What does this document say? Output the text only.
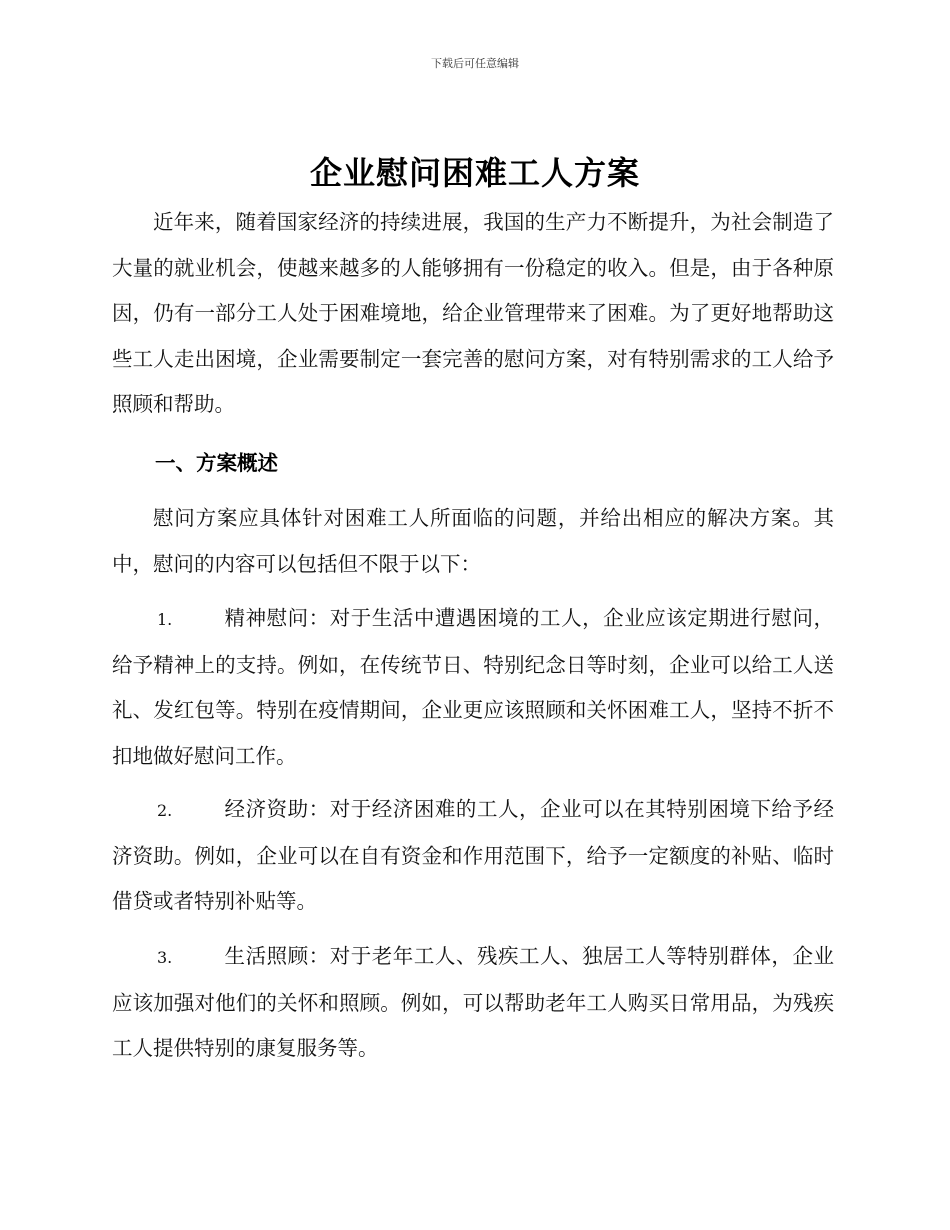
下载后可任意编辑
企业慰问困难工人方案

近年来，随着国家经济的持续进展，我国的生产力不断提升，为社会制造了大量的就业机会，使越来越多的人能够拥有一份稳定的收入。但是，由于各种原因，仍有一部分工人处于困难境地，给企业管理带来了困难。为了更好地帮助这些工人走出困境，企业需要制定一套完善的慰问方案，对有特别需求的工人给予照顾和帮助。

一、方案概述

慰问方案应具体针对困难工人所面临的问题，并给出相应的解决方案。其中，慰问的内容可以包括但不限于以下：

1.	精神慰问：对于生活中遭遇困境的工人，企业应该定期进行慰问，给予精神上的支持。例如，在传统节日、特别纪念日等时刻，企业可以给工人送礼、发红包等。特别在疫情期间，企业更应该照顾和关怀困难工人，坚持不折不扣地做好慰问工作。

2.	经济资助：对于经济困难的工人，企业可以在其特别困境下给予经济资助。例如，企业可以在自有资金和作用范围下，给予一定额度的补贴、临时借贷或者特别补贴等。

3.	生活照顾：对于老年工人、残疾工人、独居工人等特别群体，企业应该加强对他们的关怀和照顾。例如，可以帮助老年工人购买日常用品，为残疾工人提供特别的康复服务等。
